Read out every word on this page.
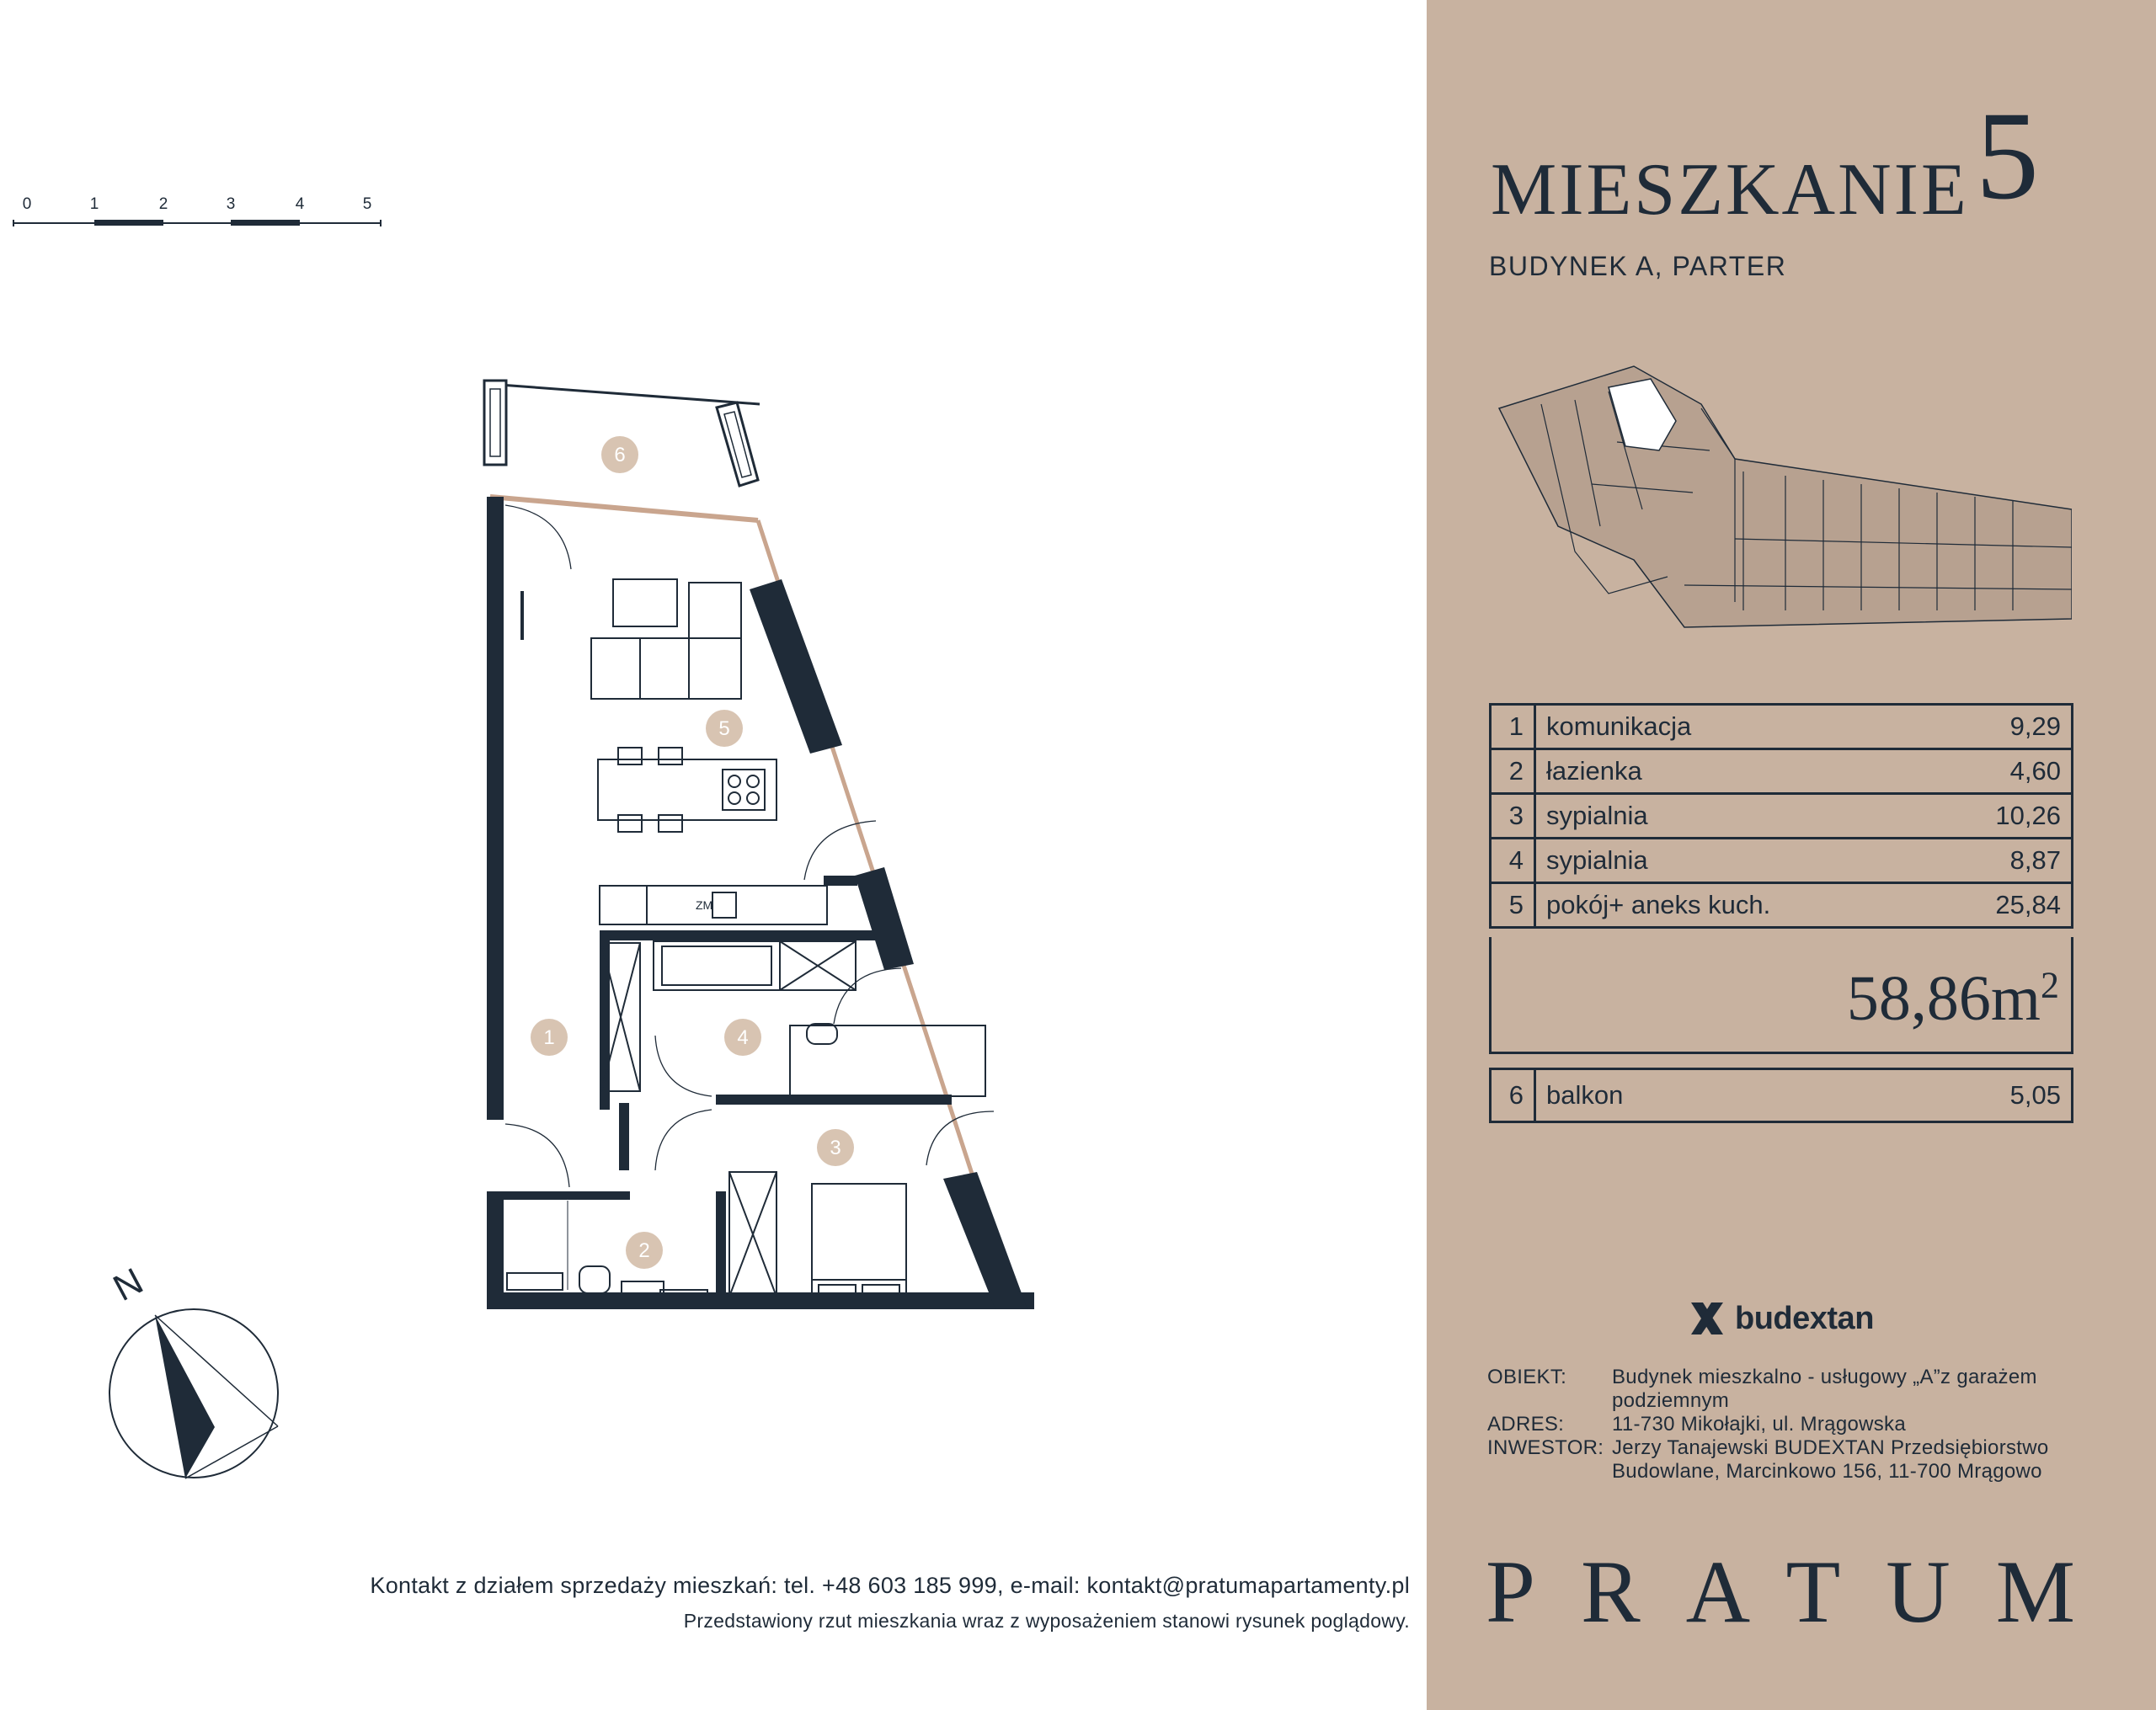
0	1	2	3	4	5
1
2
3
4
5
6
ZM
N
Kontakt z działem sprzedaży mieszkań: tel. +48 603 185 999, e-mail: kontakt@pratumapartamenty.pl
Przedstawiony rzut mieszkania wraz z wyposażeniem stanowi rysunek poglądowy.
MIESZKANIE 5
BUDYNEK A, PARTER
1	komunikacja	9,29
2	łazienka	4,60
3	sypialnia	10,26
4	sypialnia	8,87
5	pokój+ aneks kuch.	25,84
$58,86m^2$
6	balkon	5,05
budextan
OBIEKT:	Budynek mieszkalno - usługowy „A”z garażem podziemnym
ADRES:	11-730 Mikołajki, ul. Mrągowska
INWESTOR: Jerzy Tanajewski BUDEXTAN Przedsiębiorstwo Budowlane, Marcinkowo 156, 11-700 Mrągowo
PRATUM
